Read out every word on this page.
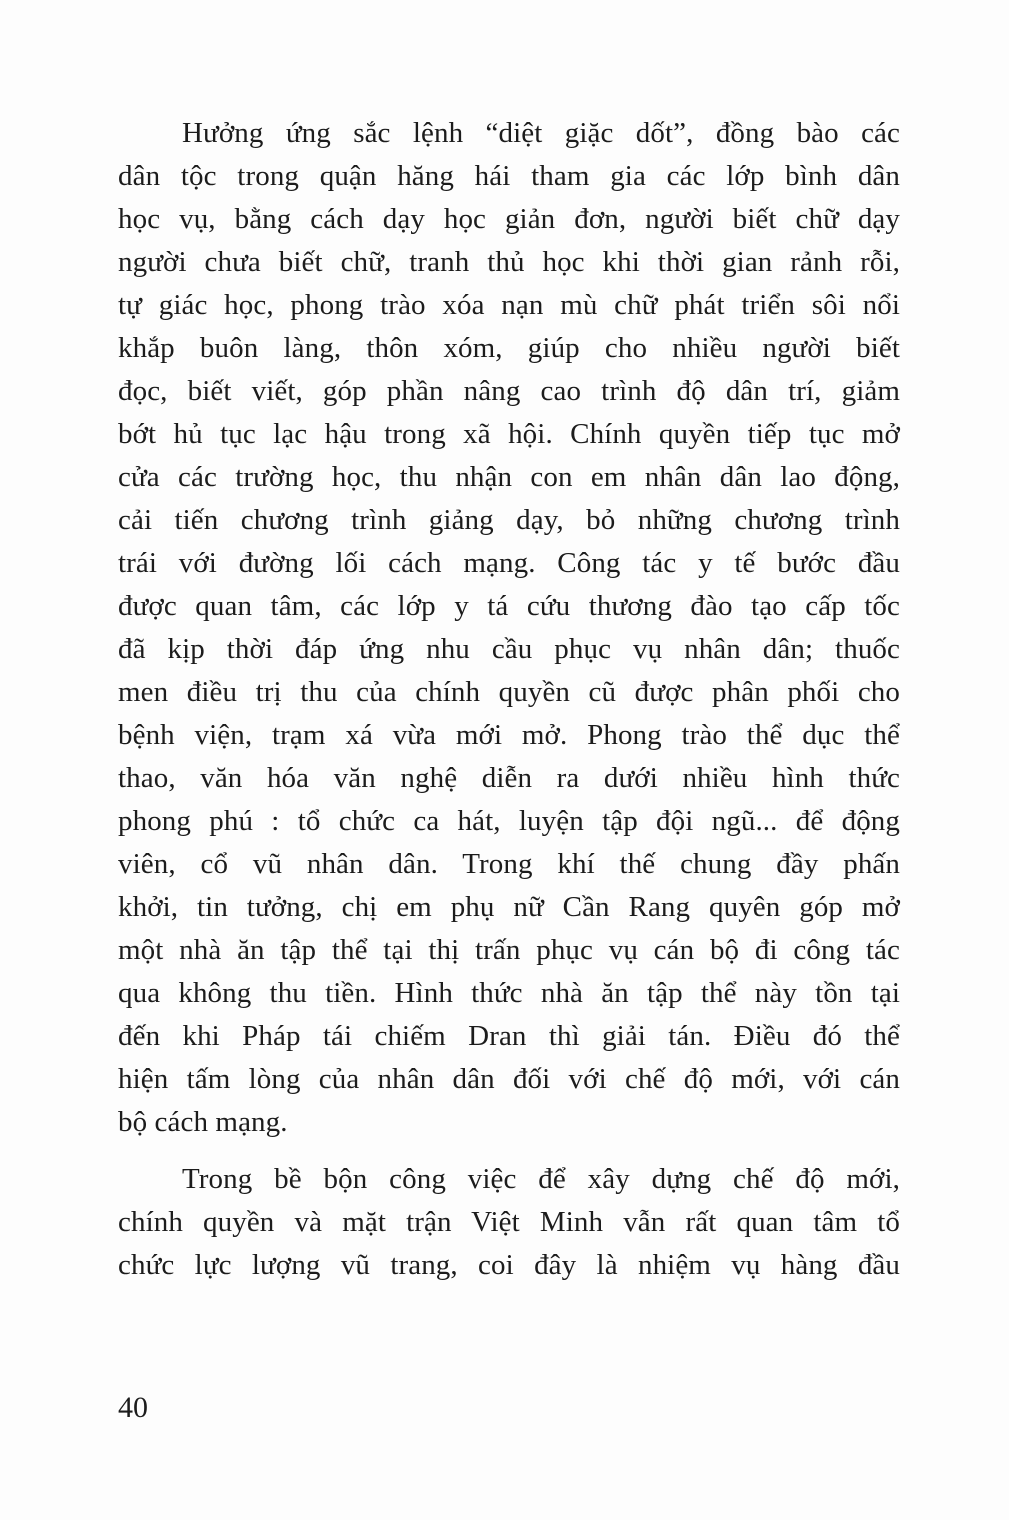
Hưởng ứng sắc lệnh “diệt giặc dốt”, đồng bào các
dân tộc trong quận hăng hái tham gia các lớp bình dân
học vụ, bằng cách dạy học giản đơn, người biết chữ dạy
người chưa biết chữ, tranh thủ học khi thời gian rảnh rỗi,
tự giác học, phong trào xóa nạn mù chữ phát triển sôi nổi
khắp buôn làng, thôn xóm, giúp cho nhiều người biết
đọc, biết viết, góp phần nâng cao trình độ dân trí, giảm
bớt hủ tục lạc hậu trong xã hội. Chính quyền tiếp tục mở
cửa các trường học, thu nhận con em nhân dân lao động,
cải tiến chương trình giảng dạy, bỏ những chương trình
trái với đường lối cách mạng. Công tác y tế bước đầu
được quan tâm, các lớp y tá cứu thương đào tạo cấp tốc
đã kịp thời đáp ứng nhu cầu phục vụ nhân dân; thuốc
men điều trị thu của chính quyền cũ được phân phối cho
bệnh viện, trạm xá vừa mới mở. Phong trào thể dục thể
thao, văn hóa văn nghệ diễn ra dưới nhiều hình thức
phong phú : tổ chức ca hát, luyện tập đội ngũ... để động
viên, cổ vũ nhân dân. Trong khí thế chung đầy phấn
khởi, tin tưởng, chị em phụ nữ Cần Rang quyên góp mở
một nhà ăn tập thể tại thị trấn phục vụ cán bộ đi công tác
qua không thu tiền. Hình thức nhà ăn tập thể này tồn tại
đến khi Pháp tái chiếm Dran thì giải tán. Điều đó thể
hiện tấm lòng của nhân dân đối với chế độ mới, với cán
bộ cách mạng.
Trong bề bộn công việc để xây dựng chế độ mới,
chính quyền và mặt trận Việt Minh vẫn rất quan tâm tổ
chức lực lượng vũ trang, coi đây là nhiệm vụ hàng đầu
40
